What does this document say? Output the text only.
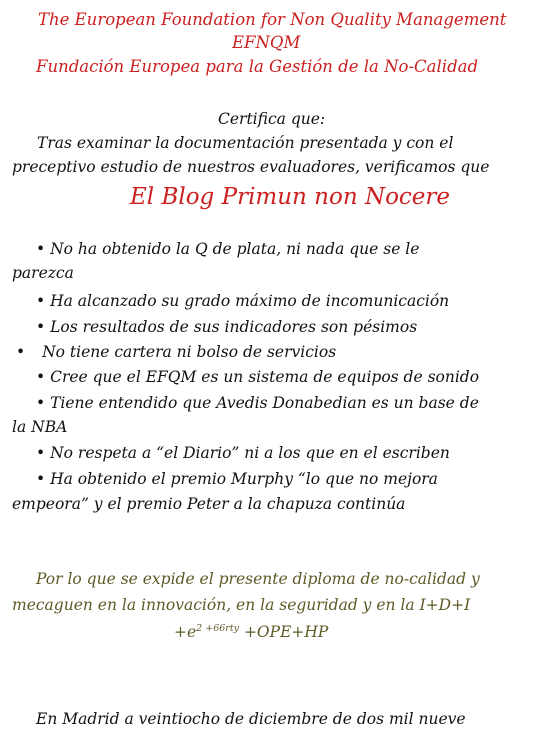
The European Foundation for Non Quality Management
EFNQM
Fundación Europea para la Gestión de la No-Calidad
Certifica que:
Tras examinar la documentación presentada y con el
preceptivo estudio de nuestros evaluadores, verificamos que
El Blog Primun non Nocere
• No ha obtenido la Q de plata, ni nada que se le
parezca
• Ha alcanzado su grado máximo de incomunicación
• Los resultados de sus indicadores son pésimos
• No tiene cartera ni bolso de servicios
• Cree que el EFQM es un sistema de equipos de sonido
• Tiene entendido que Avedis Donabedian es un base de
la NBA
• No respeta a “el Diario” ni a los que en el escriben
• Ha obtenido el premio Murphy “lo que no mejora
empeora” y el premio Peter a la chapuza continúa
Por lo que se expide el presente diploma de no-calidad y
mecaguen en la innovación, en la seguridad y en la I+D+I
$+e^{2 +66rty} +OPE+HP$
En Madrid a veintiocho de diciembre de dos mil nueve
